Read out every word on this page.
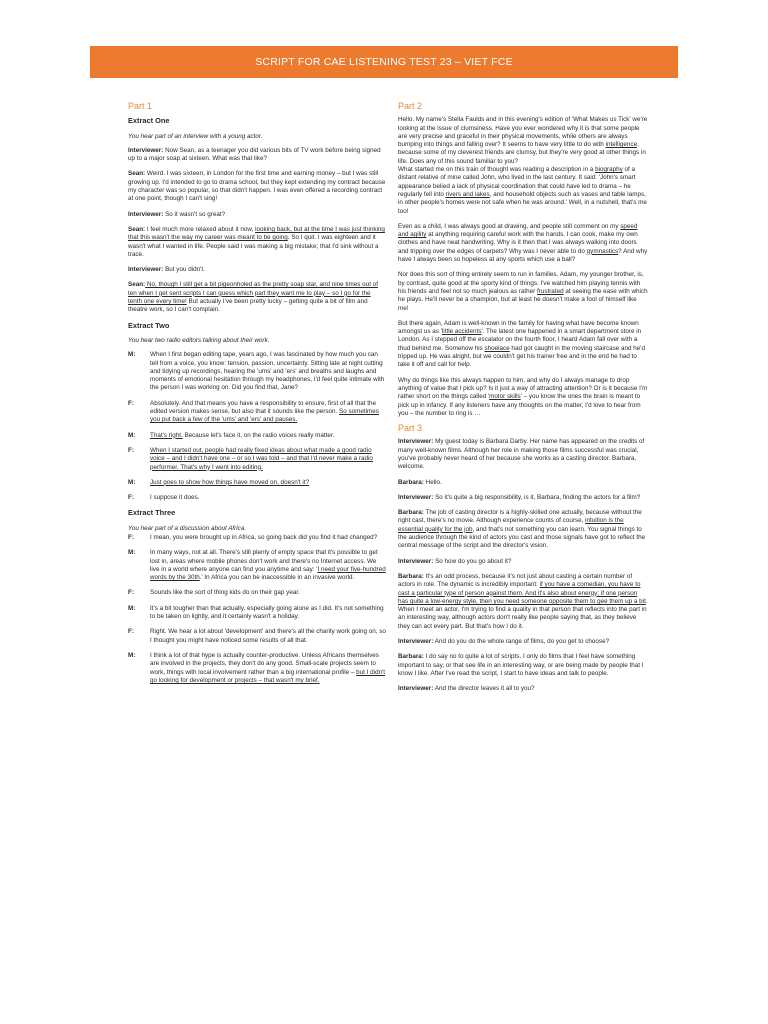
SCRIPT FOR CAE LISTENING TEST 23 – VIET FCE
Part 1
Extract One
You hear part of an interview with a young actor.

Interviewer: Now Sean, as a teenager you did various bits of TV work before being signed up to a major soap at sixteen. What was that like?

Sean: Weird. I was sixteen, in London for the first time and earning money – but I was still growing up. I'd intended to go to drama school, but they kept extending my contract because my character was so popular, so that didn't happen. I was even offered a recording contract at one point, though I can't sing!

Interviewer: So it wasn't so great?

Sean: I feel much more relaxed about it now, looking back, but at the time I was just thinking that this wasn't the way my career was meant to be going. So I quit. I was eighteen and it wasn't what I wanted in life. People said I was making a big mistake; that I'd sink without a trace.

Interviewer: But you didn't.

Sean: No, though I still get a bit pigeonholed as the pretty soap star, and nine times out of ten when I get sent scripts I can guess which part they want me to play – so I go for the tenth one every time! But actually I've been pretty lucky – getting quite a bit of film and theatre work, so I can't complain.

Extract Two
You hear two radio editors talking about their work.
M:	When I first began editing tape, years ago, I was fascinated by how much you can tell from a voice, you know: tension, passion, uncertainty. Sitting late at night cutting and tidying up recordings, hearing the 'ums' and 'ers' and breaths and laughs and moments of emotional hesitation through my headphones, I'd feel quite intimate with the person I was working on. Did you find that, Jane?
F:	Absolutely. And that means you have a responsibility to ensure, first of all that the edited version makes sense, but also that it sounds like the person. So sometimes you put back a few of the 'ums' and 'ers' and pauses.
M:	That's right. Because let's face it, on the radio voices really matter.
F:	When I started out, people had really fixed ideas about what made a good radio voice – and I didn't have one – or so I was told – and that I'd never make a radio performer. That's why I went into editing.
M:	Just goes to show how things have moved on, doesn't it?
F:	I suppose it does.
Extract Three
You hear part of a discussion about Africa.
F:	I mean, you were brought up in Africa, so going back did you find it had changed?
M:	In many ways, not at all. There's still plenty of empty space that it's possible to get lost in, areas where mobile phones don't work and there's no Internet access. We live in a world where anyone can find you anytime and say: 'I need your five-hundred words by the 30th.' In Africa you can be inaccessible in an invasive world.
F:	Sounds like the sort of thing kids do on their gap year.
M:	It's a bit tougher than that actually, especially going alone as I did. It's not something to be taken on lightly, and it certainly wasn't a holiday.
F:	Right. We hear a lot about 'development' and there's all the charity work going on, so I thought you might have noticed some results of all that.
M:	I think a lot of that hype is actually counter-productive. Unless Africans themselves are involved in the projects, they don't do any good. Small-scale projects seem to work, things with local involvement rather than a big international profile – but I didn't go looking for development or projects – that wasn't my brief.
Part 2

Hello. My name's Stella Faulds and in this evening's edition of 'What Makes us Tick' we're looking at the issue of clumsiness. Have you ever wondered why it is that some people are very precise and graceful in their physical movements, while others are always bumping into things and falling over? It seems to have very little to do with intelligence, because some of my cleverest friends are clumsy, but they're very good at other things in life. Does any of this sound familiar to you?
What started me on this train of thought was reading a description in a biography of a distant relative of mine called John, who lived in the last century. It said: 'John's smart appearance belied a lack of physical coordination that could have led to drama – he regularly fell into rivers and lakes, and household objects such as vases and table lamps, in other people's homes were not safe when he was around.' Well, in a nutshell, that's me too!

Even as a child, I was always good at drawing, and people still comment on my speed and agility at anything requiring careful work with the hands. I can cook, make my own clothes and have neat handwriting. Why is it then that I was always walking into doors and tripping over the edges of carpets? Why was I never able to do gymnastics? And why have I always been so hopeless at any sports which use a ball?

Nor does this sort of thing entirely seem to run in families. Adam, my younger brother, is, by contrast, quite good at the sporty kind of things. I've watched him playing tennis with his friends and feel not so much jealous as rather frustrated at seeing the ease with which he plays. He'll never be a champion, but at least he doesn't make a fool of himself like me!

But there again, Adam is well-known in the family for having what have become known amongst us as 'little accidents'. The latest one happened in a smart department store in London. As I stepped off the escalator on the fourth floor, I heard Adam fall over with a thud behind me. Somehow his shoelace had got caught in the moving staircase and he'd tripped up. He was alright, but we couldn't get his trainer free and in the end he had to take it off and call for help.

Why do things like this always happen to him, and why do I always manage to drop anything of value that I pick up? Is it just a way of attracting attention? Or is it because I'm rather short on the things called 'motor skills' – you know the ones the brain is meant to pick up in infancy. If any listeners have any thoughts on the matter, I'd love to hear from you – the number to ring is …

Part 3

Interviewer: My guest today is Barbara Darby. Her name has appeared on the credits of many well-known films. Although her role in making those films successful was crucial, you've probably never heard of her because she works as a casting director. Barbara, welcome.

Barbara: Hello.

Interviewer: So it's quite a big responsibility, is it, Barbara, finding the actors for a film?

Barbara: The job of casting director is a highly-skilled one actually, because without the right cast, there's no movie. Although experience counts of course, intuition is the essential quality for the job, and that's not something you can learn. You signal things to the audience through the kind of actors you cast and those signals have got to reflect the central message of the script and the director's vision.

Interviewer: So how do you go about it?

Barbara: It's an odd process, because it's not just about casting a certain number of actors in role. The dynamic is incredibly important: if you have a comedian, you have to cast a particular type of person against them. And it's also about energy; if one person has quite a low-energy style, then you need someone opposite them to gee them up a bit. When I meet an actor, I'm trying to find a quality in that person that reflects into the part in an interesting way, although actors don't really like people saying that, as they believe they can act every part. But that's how I do it.

Interviewer: And do you do the whole range of films, do you get to choose?

Barbara: I do say no to quite a lot of scripts. I only do films that I feel have something important to say, or that see life in an interesting way, or are being made by people that I know I like. After I've read the script, I start to have ideas and talk to people.

Interviewer: And the director leaves it all to you?
